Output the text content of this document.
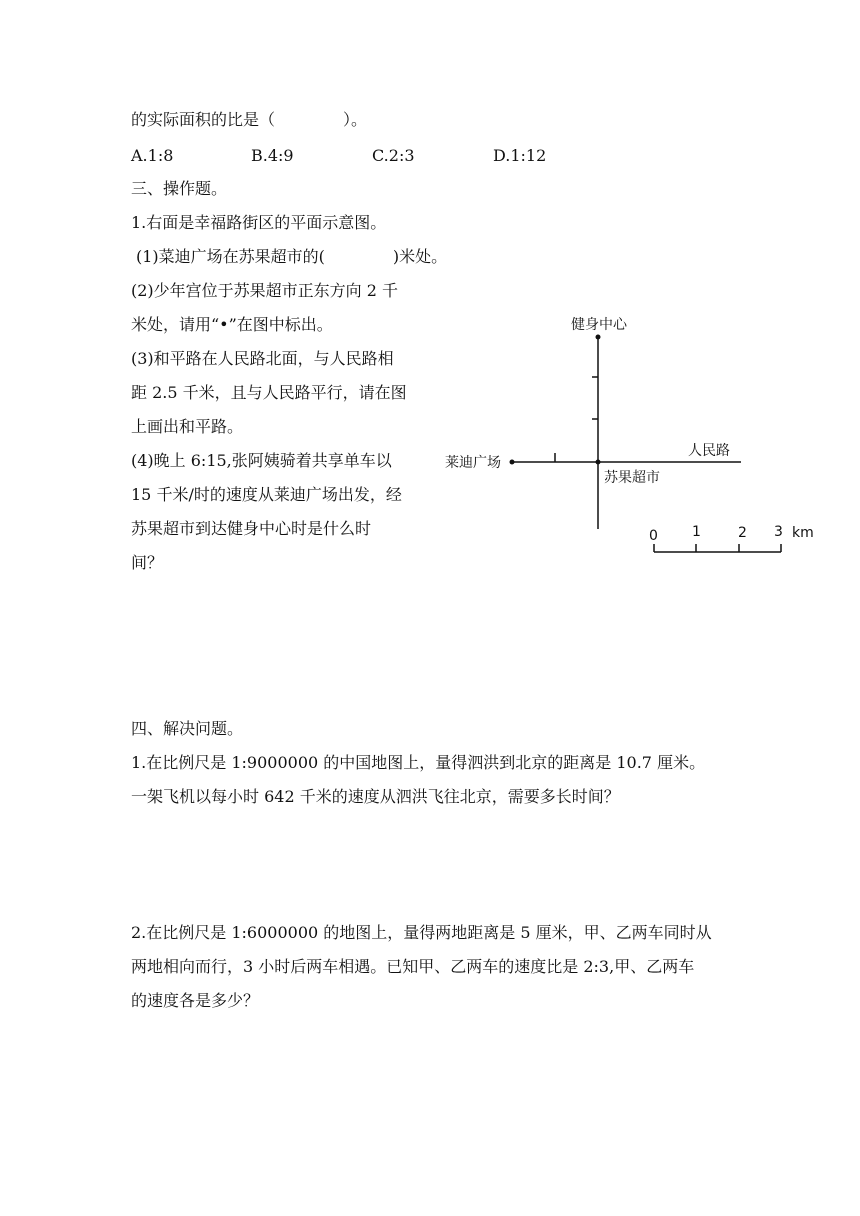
的实际面积的比是（	）。
A.1:8	B.4:9	C.2:3	D.1:12
三、操作题。
1.右面是幸福路街区的平面示意图。
(1)菜迪广场在苏果超市的(	)米处。
(2)少年宫位于苏果超市正东方向 2 千
米处，请用“•”在图中标出。
(3)和平路在人民路北面，与人民路相
距 2.5 千米，且与人民路平行，请在图
上画出和平路。
(4)晚上 6:15,张阿姨骑着共享单车以
15 千米/时的速度从莱迪广场出发，经
苏果超市到达健身中心时是什么时
间？
健身中心
莱迪广场
苏果超市
人民路
0 1	2 3 km
四、解决问题。
1.在比例尺是 1:9000000 的中国地图上，量得泗洪到北京的距离是 10.7 厘米。
一架飞机以每小时 642 千米的速度从泗洪飞往北京，需要多长时间？
2.在比例尺是 1:6000000 的地图上，量得两地距离是 5 厘米，甲、乙两车同时从
两地相向而行，3 小时后两车相遇。已知甲、乙两车的速度比是 2:3,甲、乙两车
的速度各是多少？
